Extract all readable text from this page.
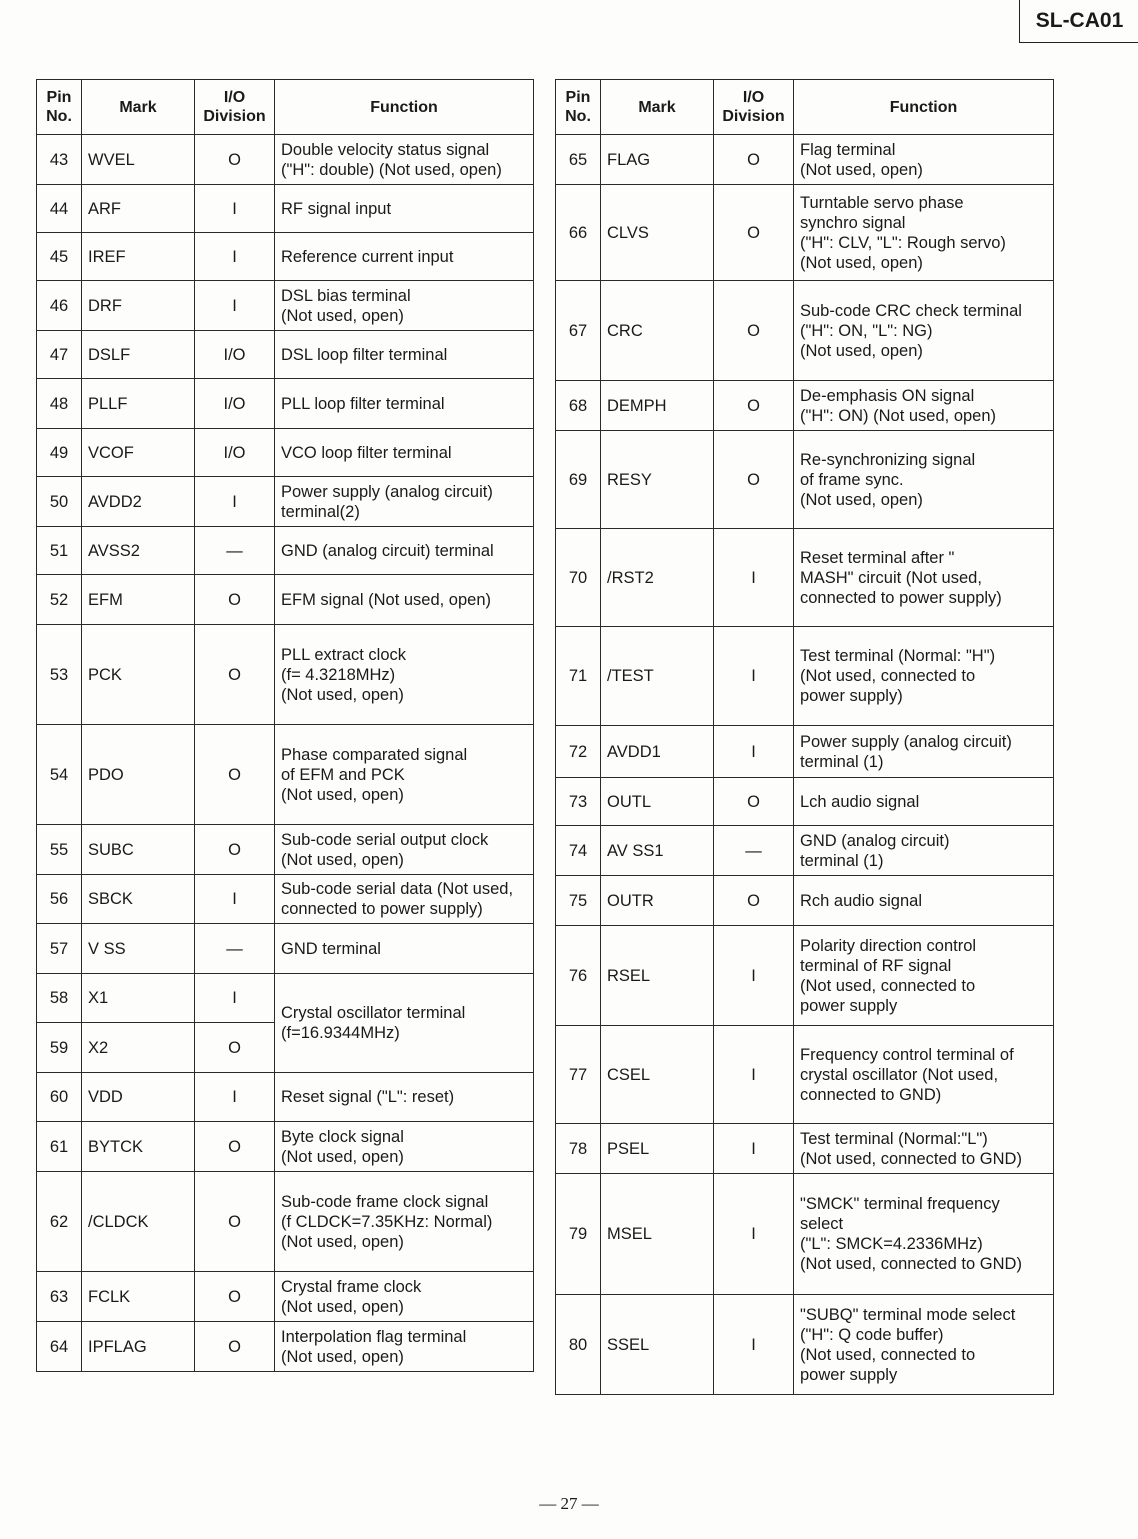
SL-CA01
Pin
No.	Mark	I/O
Division	Function
43	WVEL	O	Double velocity status signal
("H": double) (Not used, open)
44	ARF	I	RF signal input
45	IREF	I	Reference current input
46	DRF	I	DSL bias terminal
(Not used, open)
47	DSLF	I/O	DSL loop filter terminal
48	PLLF	I/O	PLL loop filter terminal
49	VCOF	I/O	VCO loop filter terminal
50	AVDD2	I	Power supply (analog circuit)
terminal(2)
51	AVSS2	—	GND (analog circuit) terminal
52	EFM	O	EFM signal (Not used, open)
53	PCK	O	PLL extract clock
(f= 4.3218MHz)
(Not used, open)
54	PDO	O	Phase comparated signal
of EFM and PCK
(Not used, open)
55	SUBC	O	Sub-code serial output clock
(Not used, open)
56	SBCK	I	Sub-code serial data (Not used,
connected to power supply)
57	V SS	—	GND terminal
58	X1	I	Crystal oscillator terminal
(f=16.9344MHz)
59	X2	O	
60	VDD	I	Reset signal ("L": reset)
61	BYTCK	O	Byte clock signal
(Not used, open)
62	/CLDCK	O	Sub-code frame clock signal
(f CLDCK=7.35KHz: Normal)
(Not used, open)
63	FCLK	O	Crystal frame clock
(Not used, open)
64	IPFLAG	O	Interpolation flag terminal
(Not used, open)
Pin
No.	Mark	I/O
Division	Function
65	FLAG	O	Flag terminal
(Not used, open)
66	CLVS	O	Turntable servo phase
synchro signal
("H": CLV, "L": Rough servo)
(Not used, open)
67	CRC	O	Sub-code CRC check terminal
("H": ON, "L": NG)
(Not used, open)
68	DEMPH	O	De-emphasis ON signal
("H": ON) (Not used, open)
69	RESY	O	Re-synchronizing signal
of frame sync.
(Not used, open)
70	/RST2	I	Reset terminal after "
MASH" circuit (Not used,
connected to power supply)
71	/TEST	I	Test terminal (Normal: "H")
(Not used, connected to
power supply)
72	AVDD1	I	Power supply (analog circuit)
terminal (1)
73	OUTL	O	Lch audio signal
74	AV SS1	—	GND (analog circuit)
terminal (1)
75	OUTR	O	Rch audio signal
76	RSEL	I	Polarity direction control
terminal of RF signal
(Not used, connected to
power supply
77	CSEL	I	Frequency control terminal of
crystal oscillator (Not used,
connected to GND)
78	PSEL	I	Test terminal (Normal:"L")
(Not used, connected to GND)
79	MSEL	I	"SMCK" terminal frequency
select
("L": SMCK=4.2336MHz)
(Not used, connected to GND)
80	SSEL	I	"SUBQ" terminal mode select
("H": Q code buffer)
(Not used, connected to
power supply
— 27 —
